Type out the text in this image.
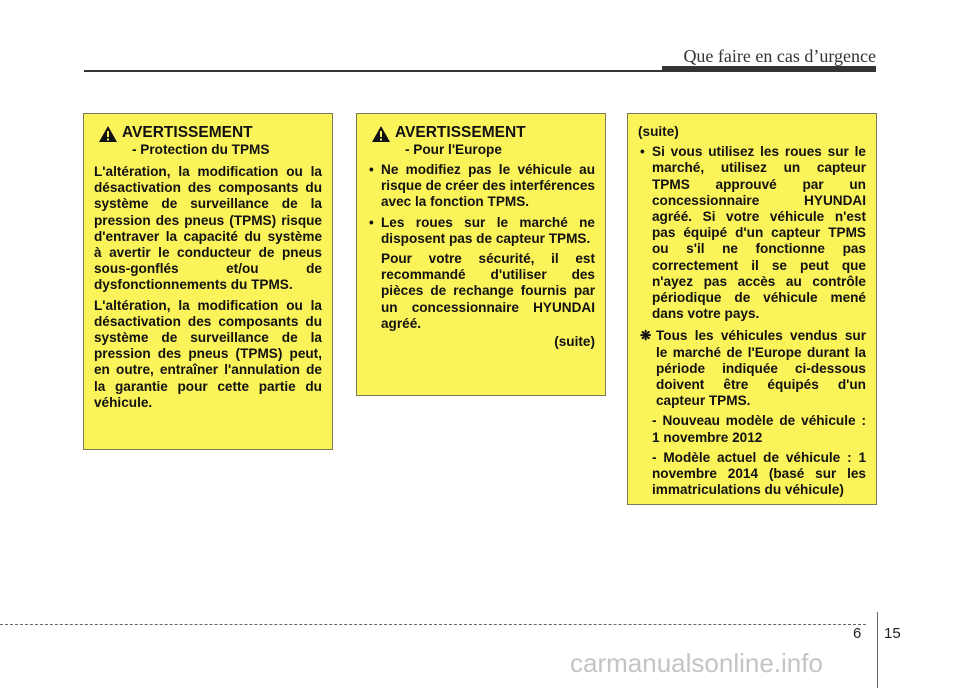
Que faire en cas d’urgence
AVERTISSEMENT
- Protection du TPMS

L'altération, la modification ou la désactivation des composants du système de surveillance de la pression des pneus (TPMS) risque d'entraver la capacité du système à avertir le conducteur de pneus sous-gonflés et/ou de dysfonctionnements du TPMS.

L'altération, la modification ou la désactivation des composants du système de surveillance de la pression des pneus (TPMS) peut, en outre, entraîner l'annulation de la garantie pour cette partie du véhicule.

AVERTISSEMENT
- Pour l'Europe
• Ne modifiez pas le véhicule au risque de créer des interférences avec la fonction TPMS.
• Les roues sur le marché ne disposent pas de capteur TPMS.

Pour votre sécurité, il est recommandé d'utiliser des pièces de rechange fournis par un concessionnaire HYUNDAI agréé.

(suite)

(suite)

• Si vous utilisez les roues sur le marché, utilisez un capteur TPMS approuvé par un concessionnaire HYUNDAI agréé. Si votre véhicule n'est pas équipé d'un capteur TPMS ou s'il ne fonctionne pas correctement il se peut que n'ayez pas accès au contrôle périodique de véhicule mené dans votre pays.
❋ Tous les véhicules vendus sur le marché de l'Europe durant la période indiquée ci-dessous doivent être équipés d'un capteur TPMS.

- Nouveau modèle de véhicule : 1 novembre 2012

- Modèle actuel de véhicule : 1 novembre 2014 (basé sur les immatriculations du véhicule)

6 15
carmanualsonline.info
